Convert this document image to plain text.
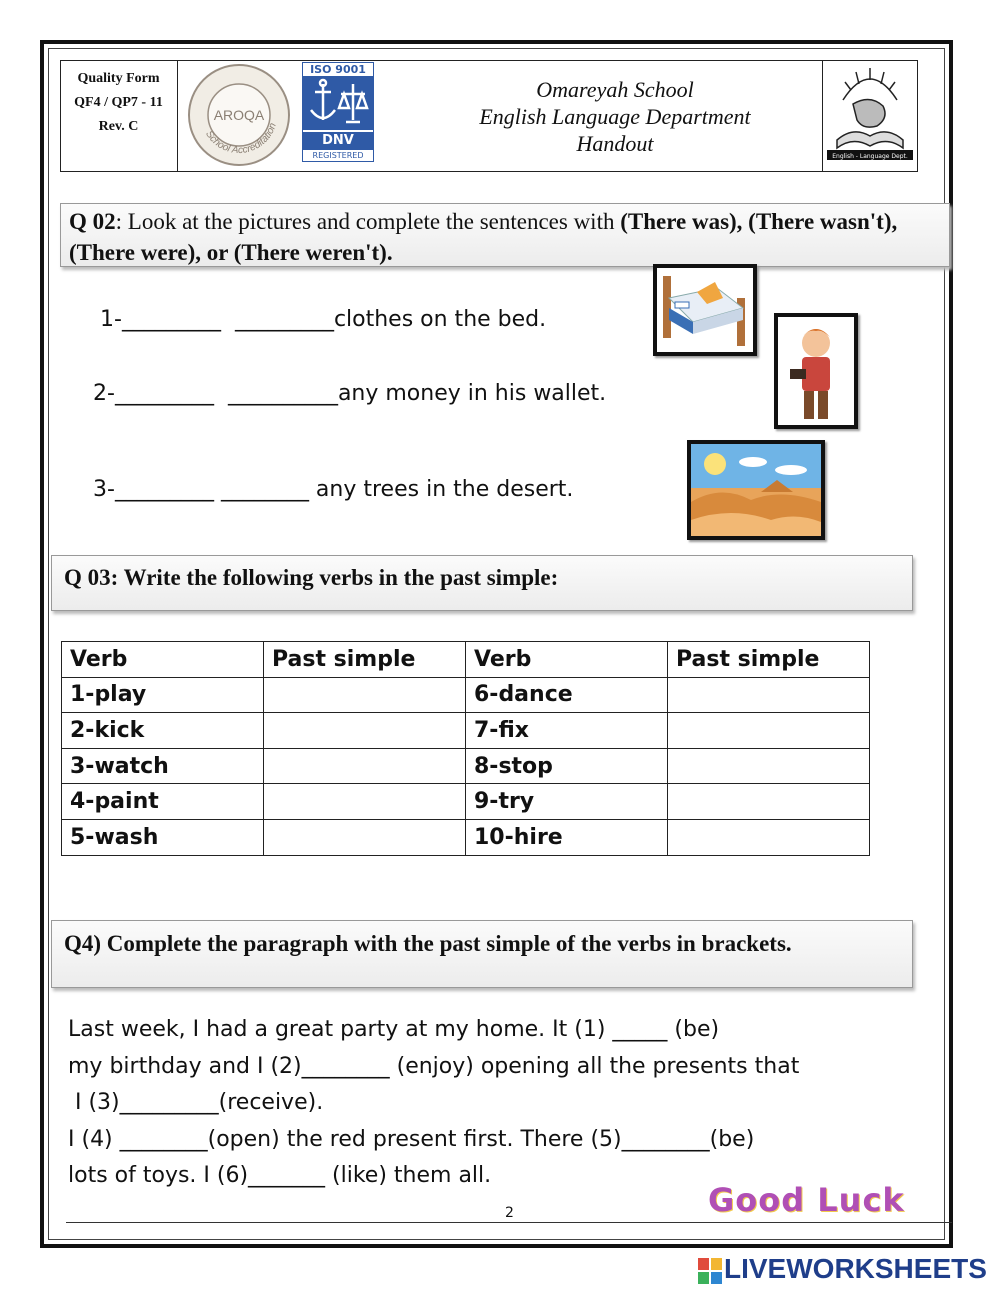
Quality Form
QF4 / QP7 - 11
Rev. C
School Accreditation
AROQA
ISO 9001
DNV
REGISTERED
Omareyah School
English Language Department
Handout
English - Language Dept.
Q 02: Look at the pictures and complete the sentences with (There was), (There wasn't), (There were), or (There weren't).
1-_________ _________clothes on the bed.
2-_________ __________any money in his wallet.
3-_________ ________ any trees in the desert.
Q 03: Write the following verbs in the past simple:
Verb	Past simple	Verb	Past simple
1-play		6-dance	
2-kick		7-fix	
3-watch		8-stop	
4-paint		9-try	
5-wash		10-hire	
Q4) Complete the paragraph with the past simple of the verbs in brackets.
Last week, I had a great party at my home. It (1) _____ (be)
my birthday and I (2)________ (enjoy) opening all the presents that
I (3)_________(receive).
I (4) ________(open) the red present first. There (5)________(be)
lots of toys. I (6)_______ (like) them all.
2	Good Luck
LIVEWORKSHEETS
